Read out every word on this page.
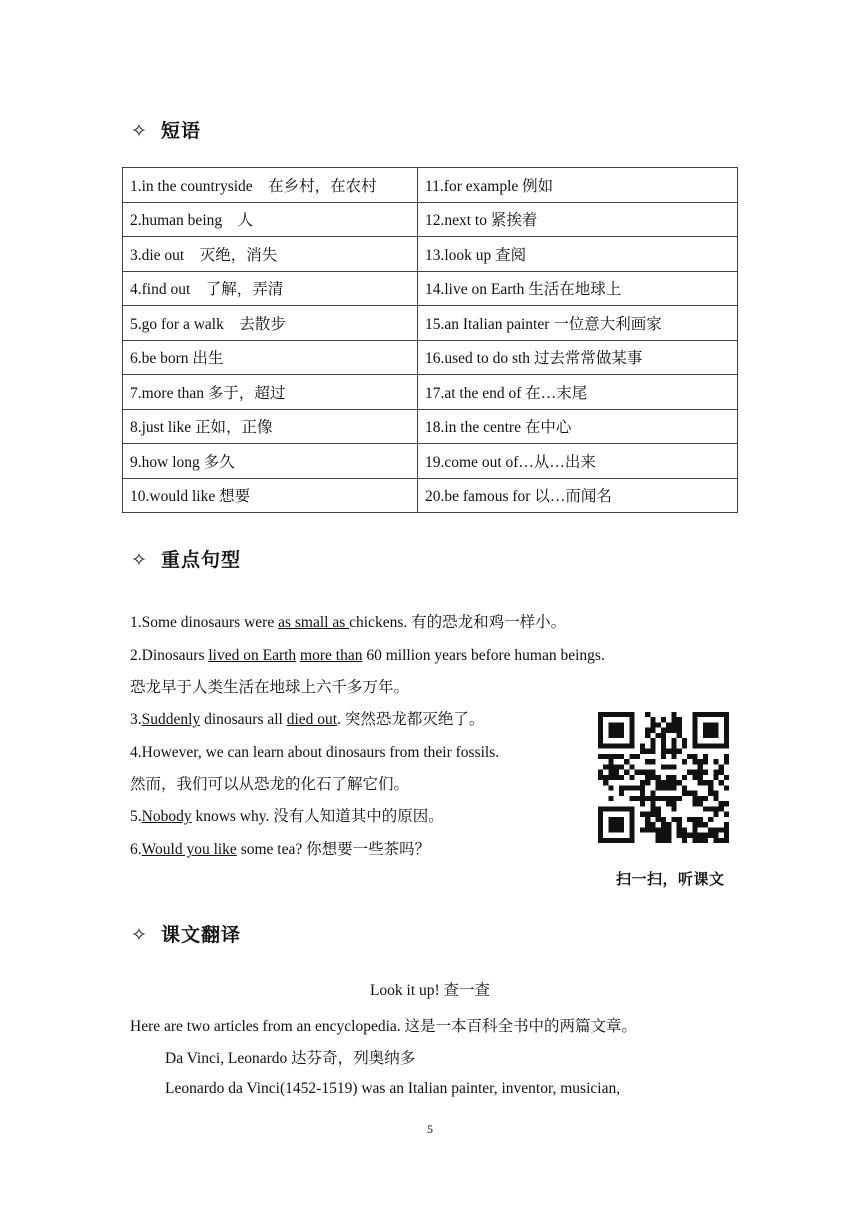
✧ 短语
1.in the countryside　在乡村，在农村	11.for example 例如
2.human being　人	12.next to 紧挨着
3.die out　灭绝，消失	13.look up 查阅
4.find out　了解，弄清	14.live on Earth 生活在地球上
5.go for a walk　去散步	15.an Italian painter 一位意大利画家
6.be born 出生	16.used to do sth 过去常常做某事
7.more than 多于，超过	17.at the end of 在…末尾
8.just like 正如，正像	18.in the centre 在中心
9.how long 多久	19.come out of…从…出来
10.would like 想要	20.be famous for 以…而闻名
✧ 重点句型
1.Some dinosaurs were as small as chickens. 有的恐龙和鸡一样小。
2.Dinosaurs lived on Earth more than 60 million years before human beings.
恐龙早于人类生活在地球上六千多万年。
3.Suddenly dinosaurs all died out. 突然恐龙都灭绝了。
4.However, we can learn about dinosaurs from their fossils.
然而，我们可以从恐龙的化石了解它们。
5.Nobody knows why. 没有人知道其中的原因。
6.Would you like some tea? 你想要一些茶吗？
扫一扫，听课文
✧ 课文翻译
Look it up! 查一查
Here are two articles from an encyclopedia. 这是一本百科全书中的两篇文章。
Da Vinci, Leonardo 达芬奇，列奥纳多
Leonardo da Vinci(1452-1519) was an Italian painter, inventor, musician,
5
